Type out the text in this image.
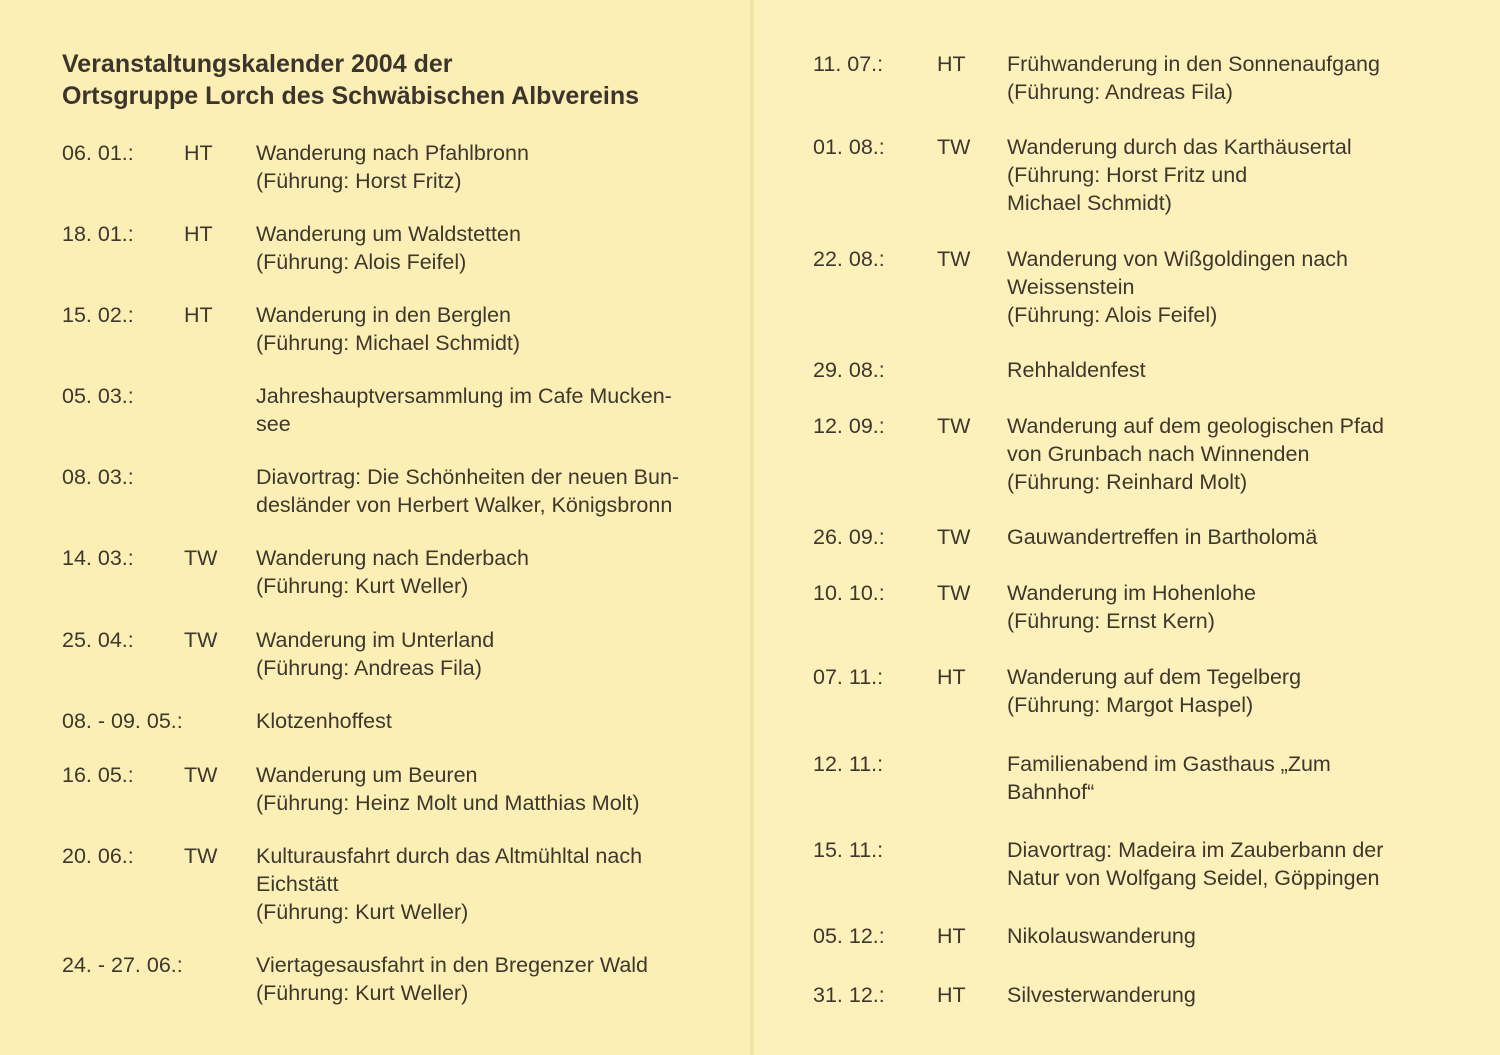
Veranstaltungskalender 2004 der
Ortsgruppe Lorch des Schwäbischen Albvereins
06. 01.: HT Wanderung nach Pfahlbronn
(Führung: Horst Fritz)
18. 01.: HT Wanderung um Waldstetten
(Führung: Alois Feifel)
15. 02.: HT Wanderung in den Berglen
(Führung: Michael Schmidt)
05. 03.:	Jahreshauptversammlung im Cafe Mucken-
see
08. 03.:	Diavortrag: Die Schönheiten der neuen Bun-
desländer von Herbert Walker, Königsbronn
14. 03.: TW Wanderung nach Enderbach
(Führung: Kurt Weller)
25. 04.: TW Wanderung im Unterland
(Führung: Andreas Fila)
08. - 09. 05.:	Klotzenhoffest
16. 05.: TW Wanderung um Beuren
(Führung: Heinz Molt und Matthias Molt)
20. 06.: TW Kulturausfahrt durch das Altmühltal nach
Eichstätt
(Führung: Kurt Weller)
24. - 27. 06.:	Viertagesausfahrt in den Bregenzer Wald
(Führung: Kurt Weller)
11. 07.:	HT Frühwanderung in den Sonnenaufgang
(Führung: Andreas Fila)
01. 08.: TW Wanderung durch das Karthäusertal
(Führung: Horst Fritz und
Michael Schmidt)
22. 08.: TW Wanderung von Wißgoldingen nach
Weissenstein
(Führung: Alois Feifel)
29. 08.:	Rehhaldenfest
12. 09.: TW Wanderung auf dem geologischen Pfad
von Grunbach nach Winnenden
(Führung: Reinhard Molt)
26. 09.: TW Gauwandertreffen in Bartholomä
10. 10.: TW Wanderung im Hohenlohe
(Führung: Ernst Kern)
07. 11.:	HT Wanderung auf dem Tegelberg
(Führung: Margot Haspel)
12. 11.:	Familienabend im Gasthaus „Zum
Bahnhof“
15. 11.:	Diavortrag: Madeira im Zauberbann der
Natur von Wolfgang Seidel, Göppingen
05. 12.: HT Nikolauswanderung
31. 12.: HT Silvesterwanderung
